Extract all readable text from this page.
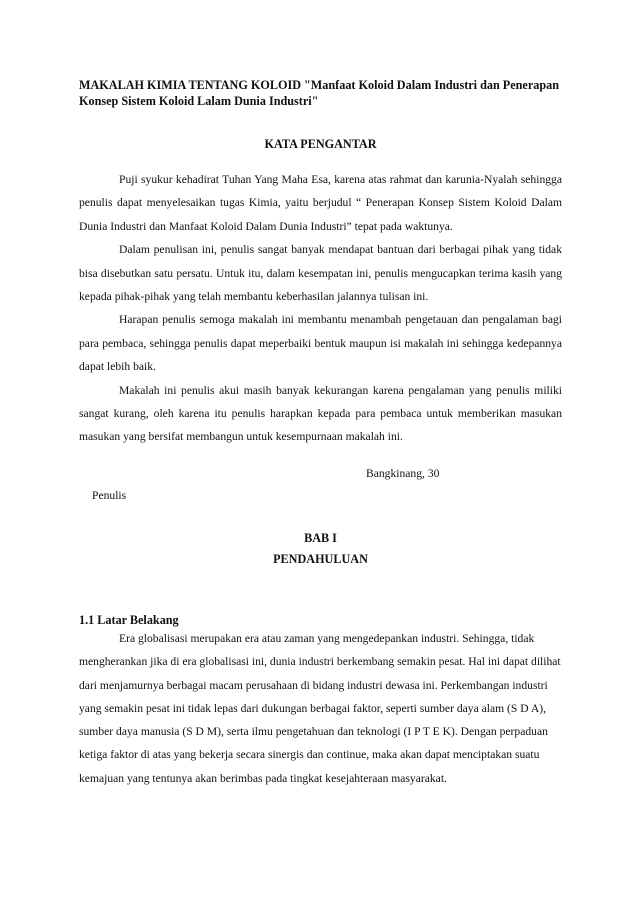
MAKALAH KIMIA TENTANG KOLOID "Manfaat Koloid Dalam Industri dan Penerapan Konsep Sistem Koloid Lalam Dunia Industri"
KATA PENGANTAR

Puji syukur kehadirat Tuhan Yang Maha Esa, karena atas rahmat dan karunia-Nyalah sehingga penulis dapat menyelesaikan tugas Kimia, yaitu berjudul “ Penerapan Konsep Sistem Koloid Dalam Dunia Industri dan Manfaat Koloid Dalam Dunia Industri” tepat pada waktunya.

Dalam penulisan ini, penulis sangat banyak mendapat bantuan dari berbagai pihak yang tidak bisa disebutkan satu persatu. Untuk itu, dalam kesempatan ini, penulis mengucapkan terima kasih yang kepada pihak-pihak yang telah membantu keberhasilan jalannya tulisan ini.

Harapan penulis semoga makalah ini membantu menambah pengetauan dan pengalaman bagi para pembaca, sehingga penulis dapat meperbaiki bentuk maupun isi makalah ini sehingga kedepannya dapat lebih baik.

Makalah ini penulis akui masih banyak kekurangan karena pengalaman yang penulis miliki sangat kurang, oleh karena itu penulis harapkan kepada para pembaca untuk memberikan masukan masukan yang bersifat membangun untuk kesempurnaan makalah ini.

Bangkinang, 30
Penulis
BAB I
PENDAHULUAN
1.1 Latar Belakang

Era globalisasi merupakan era atau zaman yang mengedepankan industri. Sehingga, tidak mengherankan jika di era globalisasi ini, dunia industri berkembang semakin pesat. Hal ini dapat dilihat dari menjamurnya berbagai macam perusahaan di bidang industri dewasa ini. Perkembangan industri yang semakin pesat ini tidak lepas dari dukungan berbagai faktor, seperti sumber daya alam (S D A), sumber daya manusia (S D M), serta ilmu pengetahuan dan teknologi (I P T E K). Dengan perpaduan ketiga faktor di atas yang bekerja secara sinergis dan continue, maka akan dapat menciptakan suatu kemajuan yang tentunya akan berimbas pada tingkat kesejahteraan masyarakat.
